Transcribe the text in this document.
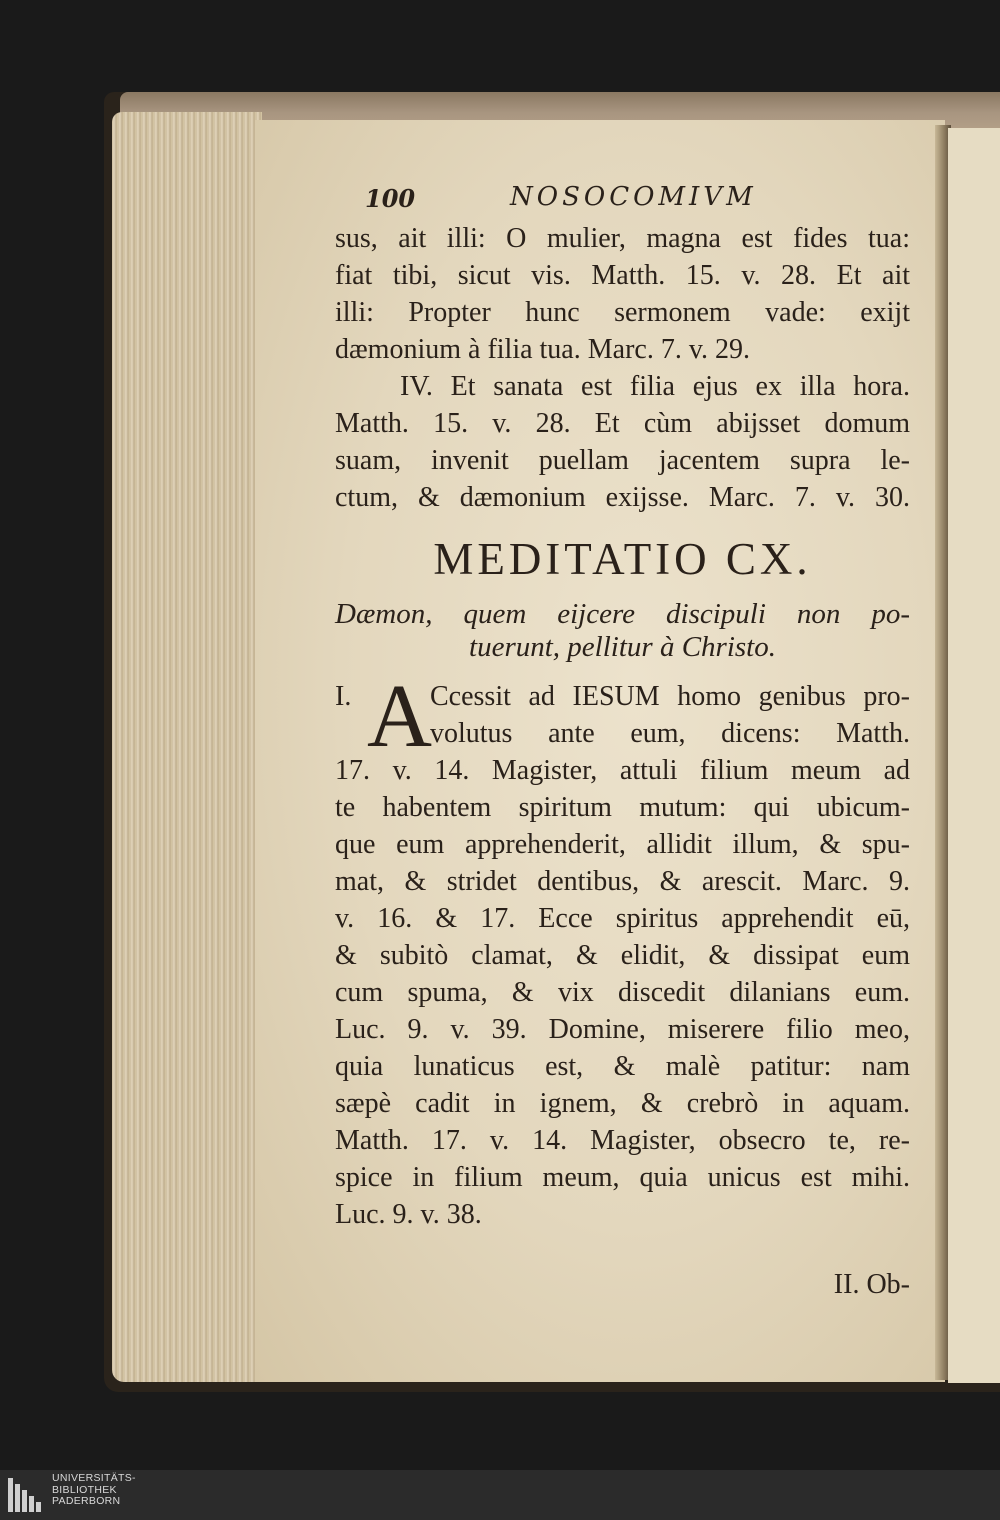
100	NOSOCOMIVM
sus, ait illi: O mulier, magna est fides tua:
fiat tibi, sicut vis. Matth. 15. v. 28. Et ait
illi: Propter hunc sermonem vade: exijt
dæmonium à filia tua. Marc. 7. v. 29.
IV. Et sanata est filia ejus ex illa hora.
Matth. 15. v. 28. Et cùm abijsset domum
suam, invenit puellam jacentem supra le-
ctum, & dæmonium exijsse. Marc. 7. v. 30.
MEDITATIO CX.
Dæmon, quem eijcere discipuli non po-
tuerunt, pellitur à Christo.
I. A
Ccessit ad IESUM homo genibus pro-
volutus ante eum, dicens: Matth.
17. v. 14. Magister, attuli filium meum ad
te habentem spiritum mutum: qui ubicum-
que eum apprehenderit, allidit illum, & spu-
mat, & stridet dentibus, & arescit. Marc. 9.
v. 16. & 17. Ecce spiritus apprehendit eū,
& subitò clamat, & elidit, & dissipat eum
cum spuma, & vix discedit dilanians eum.
Luc. 9. v. 39. Domine, miserere filio meo,
quia lunaticus est, & malè patitur: nam
sæpè cadit in ignem, & crebrò in aquam.
Matth. 17. v. 14. Magister, obsecro te, re-
spice in filium meum, quia unicus est mihi.
Luc. 9. v. 38.
II. Ob-
UNIVERSITÄTS-
BIBLIOTHEK
PADERBORN
